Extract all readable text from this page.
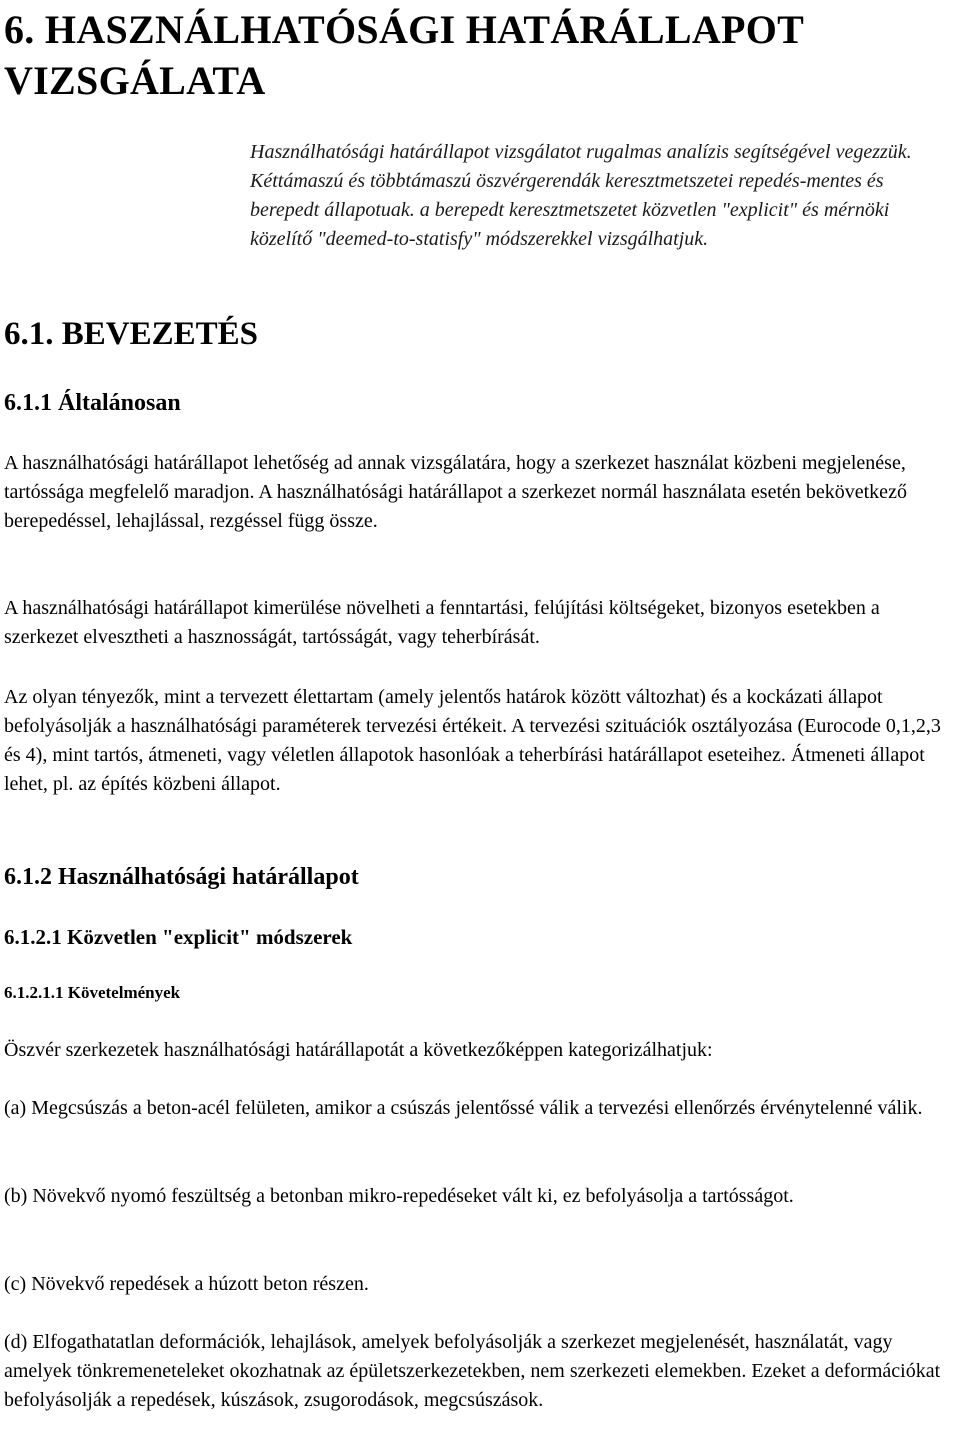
6. HASZNÁLHATÓSÁGI HATÁRÁLLAPOT
VIZSGÁLATA

Használhatósági határállapot vizsgálatot rugalmas analízis segítségével vegezzük. Kéttámaszú és többtámaszú öszvérgerendák keresztmetszetei repedés-mentes és berepedt állapotuak. a berepedt keresztmetszetet közvetlen "explicit" és mérnöki közelítő "deemed-to-statisfy" módszerekkel vizsgálhatjuk.

6.1. BEVEZETÉS
6.1.1 Általánosan

A használhatósági határállapot lehetőség ad annak vizsgálatára, hogy a szerkezet használat közbeni megjelenése, tartóssága megfelelő maradjon. A használhatósági határállapot a szerkezet normál használata esetén bekövetkező berepedéssel, lehajlással, rezgéssel függ össze.

A használhatósági határállapot kimerülése növelheti a fenntartási, felújítási költségeket, bizonyos esetekben a szerkezet elvesztheti a hasznosságát, tartósságát, vagy teherbírását.

Az olyan tényezők, mint a tervezett élettartam (amely jelentős határok között változhat) és a kockázati állapot befolyásolják a használhatósági paraméterek tervezési értékeit. A tervezési szituációk osztályozása (Eurocode 0,1,2,3 és 4), mint tartós, átmeneti, vagy véletlen állapotok hasonlóak a teherbírási határállapot eseteihez. Átmeneti állapot lehet, pl. az építés közbeni állapot.

6.1.2 Használhatósági határállapot
6.1.2.1 Közvetlen "explicit" módszerek
6.1.2.1.1 Követelmények

Öszvér szerkezetek használhatósági határállapotát a következőképpen kategorizálhatjuk:

(a) Megcsúszás a beton-acél felületen, amikor a csúszás jelentőssé válik a tervezési ellenőrzés érvénytelenné válik.

(b) Növekvő nyomó feszültség a betonban mikro-repedéseket vált ki, ez befolyásolja a tartósságot.

(c) Növekvő repedések a húzott beton részen.

(d) Elfogathatatlan deformációk, lehajlások, amelyek befolyásolják a szerkezet megjelenését, használatát, vagy amelyek tönkremeneteleket okozhatnak az épületszerkezetekben, nem szerkezeti elemekben. Ezeket a deformációkat befolyásolják a repedések, kúszások, zsugorodások, megcsúszások.
